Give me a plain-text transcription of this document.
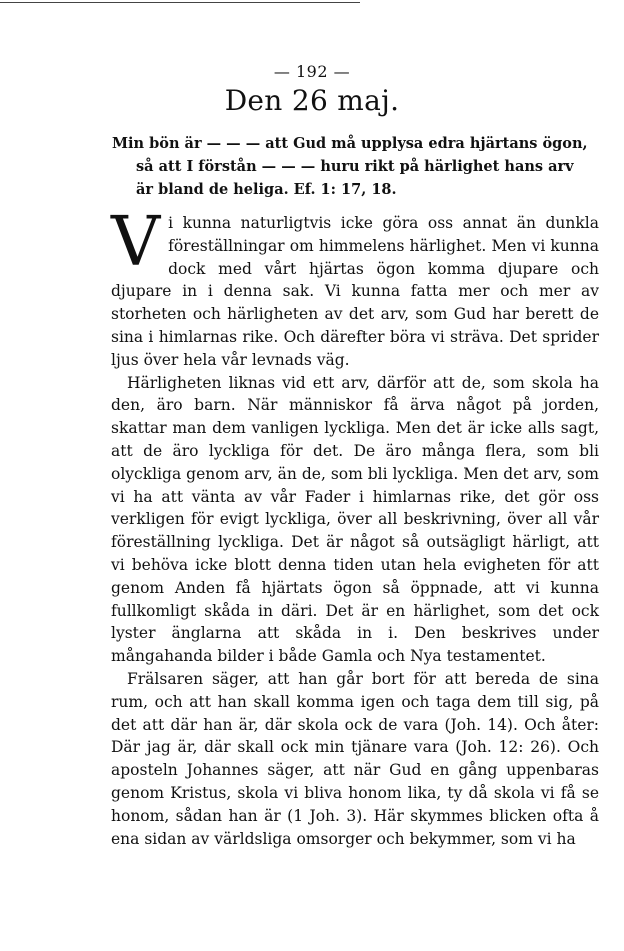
— 192 —
Den 26 maj.
Min bön är — — — att Gud må upplysa edra hjärtans ögon,
så att I förstån — — — huru rikt på härlighet hans arv
är bland de heliga. Ef. 1: 17, 18.

Vi kunna naturligtvis icke göra oss annat än dunkla föreställningar om himmelens härlighet. Men vi kunna dock med vårt hjärtas ögon komma djupare och djupare in i denna sak. Vi kunna fatta mer och mer av storheten och härligheten av det arv, som Gud har berett de sina i himlarnas rike. Och därefter böra vi sträva. Det sprider ljus över hela vår levnads väg.

Härligheten liknas vid ett arv, därför att de, som skola ha den, äro barn. När människor få ärva något på jorden, skattar man dem vanligen lyckliga. Men det är icke alls sagt, att de äro lyckliga för det. De äro många flera, som bli olyckliga genom arv, än de, som bli lyckliga. Men det arv, som vi ha att vänta av vår Fader i himlarnas rike, det gör oss verkligen för evigt lyckliga, över all beskrivning, över all vår föreställning lyckliga. Det är något så outsägligt härligt, att vi behöva icke blott denna tiden utan hela evigheten för att genom Anden få hjärtats ögon så öppnade, att vi kunna fullkomligt skåda in däri. Det är en härlighet, som det ock lyster änglarna att skåda in i. Den beskrives under mångahanda bilder i både Gamla och Nya testamentet.

Frälsaren säger, att han går bort för att bereda de sina rum, och att han skall komma igen och taga dem till sig, på det att där han är, där skola ock de vara (Joh. 14). Och åter: Där jag är, där skall ock min tjänare vara (Joh. 12: 26). Och aposteln Johannes säger, att när Gud en gång uppenbaras genom Kristus, skola vi bliva honom lika, ty då skola vi få se honom, sådan han är (1 Joh. 3). Här skymmes blicken ofta å ena sidan av världsliga omsorger och bekymmer, som vi ha
